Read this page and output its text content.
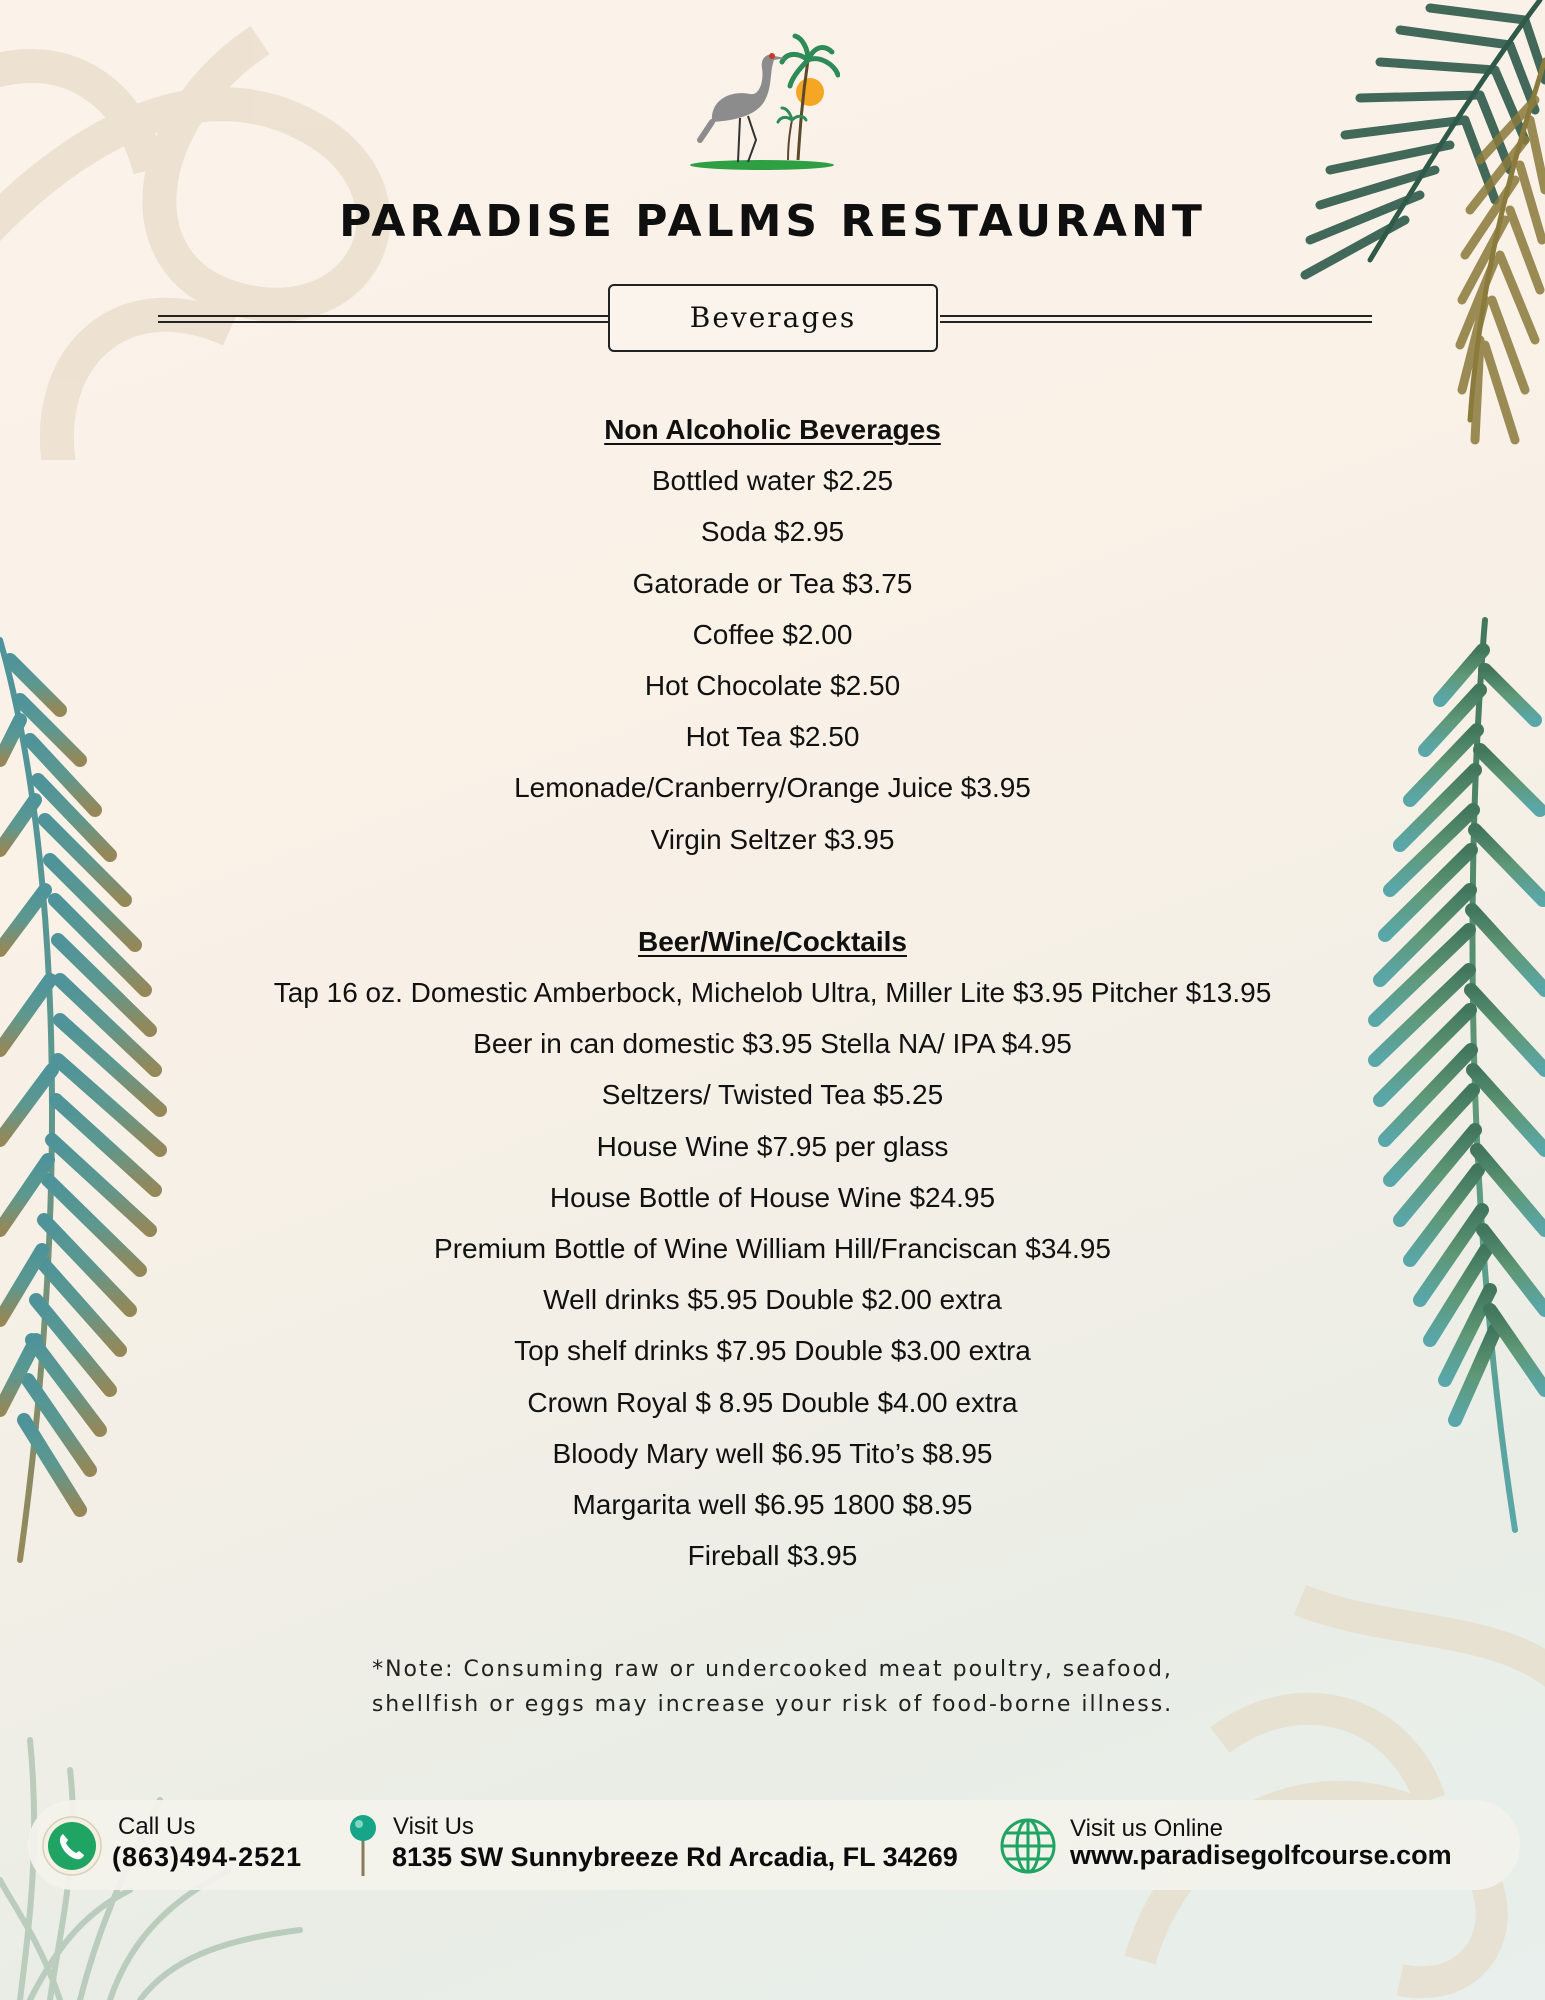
PARADISE PALMS RESTAURANT
Beverages
Non Alcoholic Beverages
Bottled water $2.25
Soda $2.95
Gatorade or Tea $3.75
Coffee $2.00
Hot Chocolate $2.50
Hot Tea $2.50
Lemonade/Cranberry/Orange Juice $3.95
Virgin Seltzer $3.95
Beer/Wine/Cocktails
Tap 16 oz. Domestic Amberbock, Michelob Ultra, Miller Lite $3.95 Pitcher $13.95
Beer in can domestic $3.95 Stella NA/ IPA $4.95
Seltzers/ Twisted Tea $5.25
House Wine $7.95 per glass
House Bottle of House Wine $24.95
Premium Bottle of Wine William Hill/Franciscan $34.95
Well drinks $5.95 Double $2.00 extra
Top shelf drinks $7.95 Double $3.00 extra
Crown Royal $ 8.95 Double $4.00 extra
Bloody Mary well $6.95 Tito’s $8.95
Margarita well $6.95 1800 $8.95
Fireball $3.95
*Note: Consuming raw or undercooked meat poultry, seafood,
shellfish or eggs may increase your risk of food-borne illness.
Call Us
(863)494-2521
Visit Us
8135 SW Sunnybreeze Rd Arcadia, FL 34269
Visit us Online
www.paradisegolfcourse.com
